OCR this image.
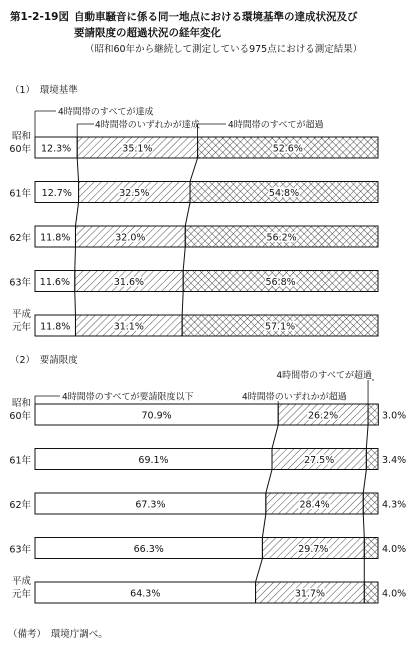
第1-2-19図 自動車騒音に係る同一地点における環境基準の達成状況及び
要請限度の超過状況の経年変化
（昭和60年から継続して測定している975点における測定結果）
（1）　環境基準
（2）　要請限度
（備考）　環境庁調べ。
昭和
60年 12.3%	35.1%	52.6%
61年 12.7%	32.5%	54.8%
62年 11.8%	32.0%	56.2%
63年 11.6%	31.6%	56.8%
平成
元年 11.8%	31.1%	57.1%
4時間帯のすべてが達成
4時間帯のいずれかが達成	4時間帯のすべてが超過
昭和
60年	70.9%	26.2%	3.0%
61年	69.1%	27.5%	3.4%
62年	67.3%	28.4%	4.3%
63年	66.3%	29.7%	4.0%
平成
元年	64.3%	31.7%	4.0%
4時間帯のすべてが要請限度以下	4時間帯のいずれかが超過
4時間帯のすべてが超過
